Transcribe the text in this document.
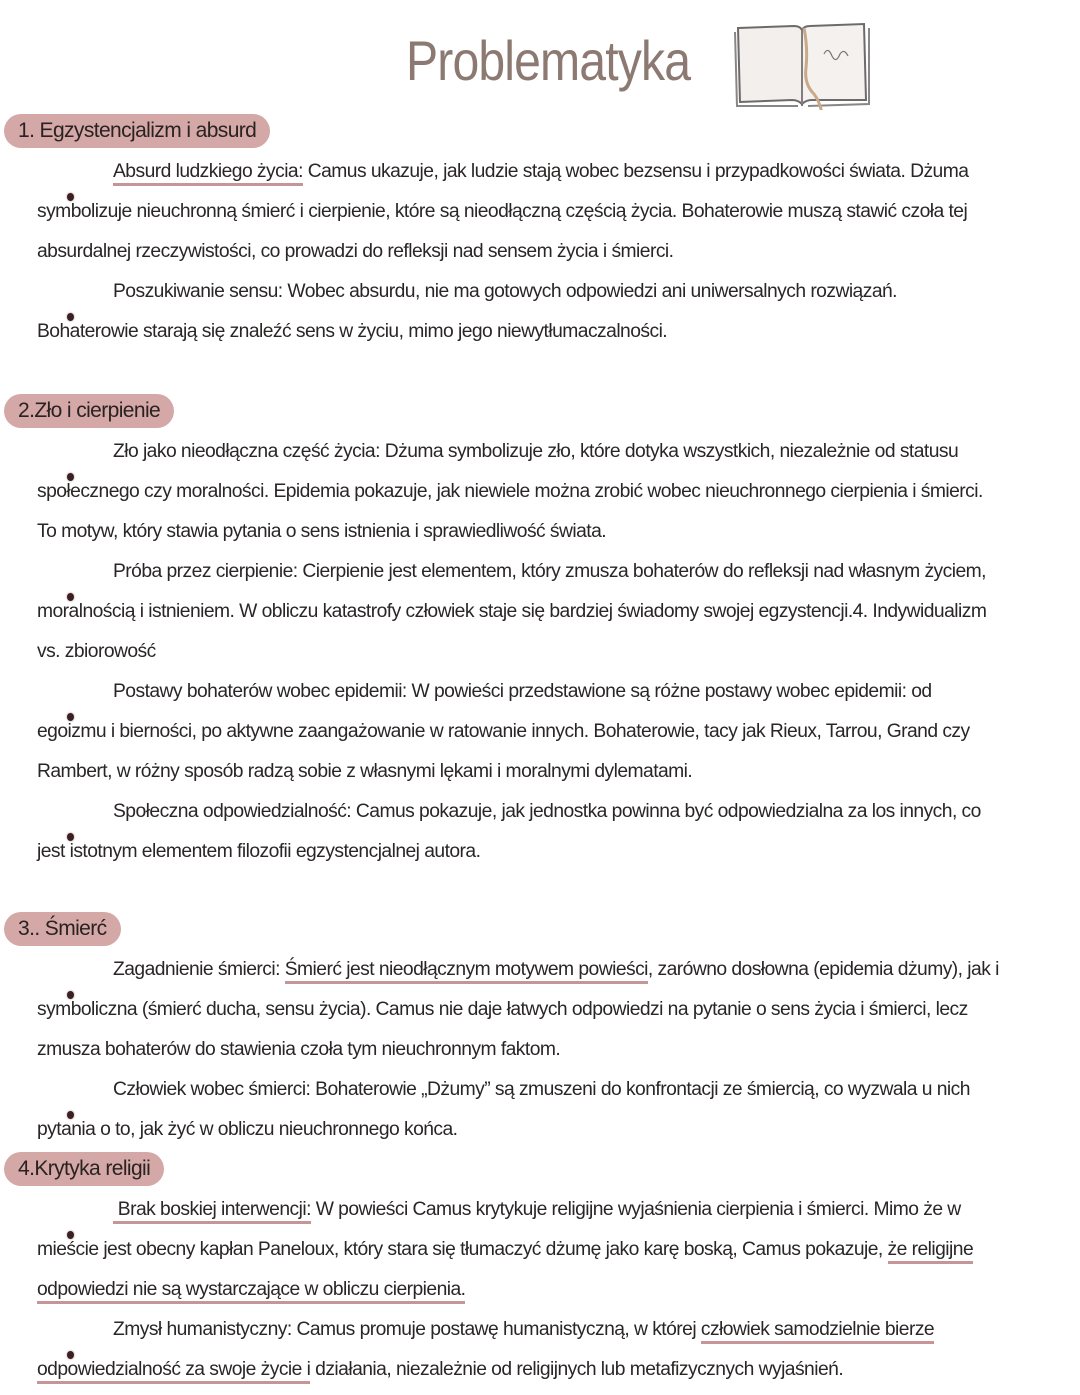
Problematyka
1. Egzystencjalizm i absurd
Absurd ludzkiego życia: Camus ukazuje, jak ludzie stają wobec bezsensu i przypadkowości świata. Dżuma symbolizuje nieuchronną śmierć i cierpienie, które są nieodłączną częścią życia. Bohaterowie muszą stawić czoła tej absurdalnej rzeczywistości, co prowadzi do refleksji nad sensem życia i śmierci.
Poszukiwanie sensu: Wobec absurdu, nie ma gotowych odpowiedzi ani uniwersalnych rozwiązań. Bohaterowie starają się znaleźć sens w życiu, mimo jego niewytłumaczalności.
2.Zło i cierpienie
Zło jako nieodłączna część życia: Dżuma symbolizuje zło, które dotyka wszystkich, niezależnie od statusu społecznego czy moralności. Epidemia pokazuje, jak niewiele można zrobić wobec nieuchronnego cierpienia i śmierci. To motyw, który stawia pytania o sens istnienia i sprawiedliwość świata.
Próba przez cierpienie: Cierpienie jest elementem, który zmusza bohaterów do refleksji nad własnym życiem, moralnością i istnieniem. W obliczu katastrofy człowiek staje się bardziej świadomy swojej egzystencji.4. Indywidualizm vs. zbiorowość
Postawy bohaterów wobec epidemii: W powieści przedstawione są różne postawy wobec epidemii: od egoizmu i bierności, po aktywne zaangażowanie w ratowanie innych. Bohaterowie, tacy jak Rieux, Tarrou, Grand czy Rambert, w różny sposób radzą sobie z własnymi lękami i moralnymi dylematami.
Społeczna odpowiedzialność: Camus pokazuje, jak jednostka powinna być odpowiedzialna za los innych, co jest istotnym elementem filozofii egzystencjalnej autora.
3.. Śmierć
Zagadnienie śmierci: Śmierć jest nieodłącznym motywem powieści, zarówno dosłowna (epidemia dżumy), jak i symboliczna (śmierć ducha, sensu życia). Camus nie daje łatwych odpowiedzi na pytanie o sens życia i śmierci, lecz zmusza bohaterów do stawienia czoła tym nieuchronnym faktom.
Człowiek wobec śmierci: Bohaterowie „Dżumy” są zmuszeni do konfrontacji ze śmiercią, co wyzwala u nich pytania o to, jak żyć w obliczu nieuchronnego końca.
4.Krytyka religii
Brak boskiej interwencji: W powieści Camus krytykuje religijne wyjaśnienia cierpienia i śmierci. Mimo że w mieście jest obecny kapłan Paneloux, który stara się tłumaczyć dżumę jako karę boską, Camus pokazuje, że religijne odpowiedzi nie są wystarczające w obliczu cierpienia.
Zmysł humanistyczny: Camus promuje postawę humanistyczną, w której człowiek samodzielnie bierze odpowiedzialność za swoje życie i działania, niezależnie od religijnych lub metafizycznych wyjaśnień.
